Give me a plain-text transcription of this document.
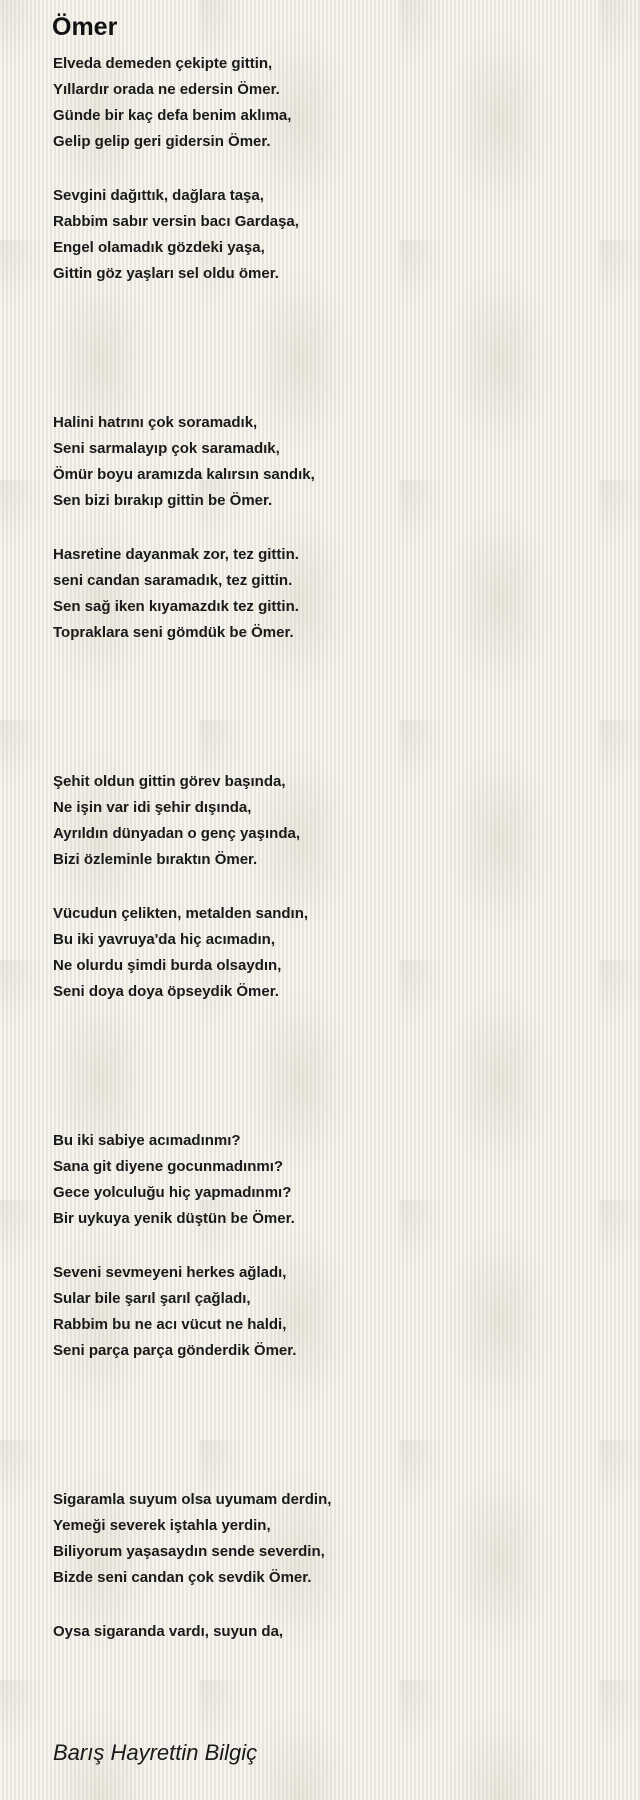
Ömer
Elveda demeden çekipte gittin,
Yıllardır orada ne edersin Ömer.
Günde bir kaç defa benim aklıma,
Gelip gelip geri gidersin Ömer.
Sevgini dağıttık, dağlara taşa,
Rabbim sabır versin bacı Gardaşa,
Engel olamadık gözdeki yaşa,
Gittin göz yaşları sel oldu ömer.
Halini hatrını çok soramadık,
Seni sarmalayıp çok saramadık,
Ömür boyu aramızda kalırsın sandık,
Sen bizi bırakıp gittin be Ömer.
Hasretine dayanmak zor, tez gittin.
seni candan saramadık, tez gittin.
Sen sağ iken kıyamazdık tez gittin.
Topraklara seni gömdük be Ömer.
Şehit oldun gittin görev başında,
Ne işin var idi şehir dışında,
Ayrıldın dünyadan o genç yaşında,
Bizi özleminle bıraktın Ömer.
Vücudun çelikten, metalden sandın,
Bu iki yavruya'da hiç acımadın,
Ne olurdu şimdi burda olsaydın,
Seni doya doya öpseydik Ömer.
Bu iki sabiye acımadınmı?
Sana git diyene gocunmadınmı?
Gece yolculuğu hiç yapmadınmı?
Bir uykuya yenik düştün be Ömer.
Seveni sevmeyeni herkes ağladı,
Sular bile şarıl şarıl çağladı,
Rabbim bu ne acı vücut ne haldi,
Seni parça parça gönderdik Ömer.
Sigaramla suyum olsa uyumam derdin,
Yemeği severek iştahla yerdin,
Biliyorum yaşasaydın sende severdin,
Bizde seni candan çok sevdik Ömer.
Oysa sigaranda vardı, suyun da,
Barış Hayrettin Bilgiç
